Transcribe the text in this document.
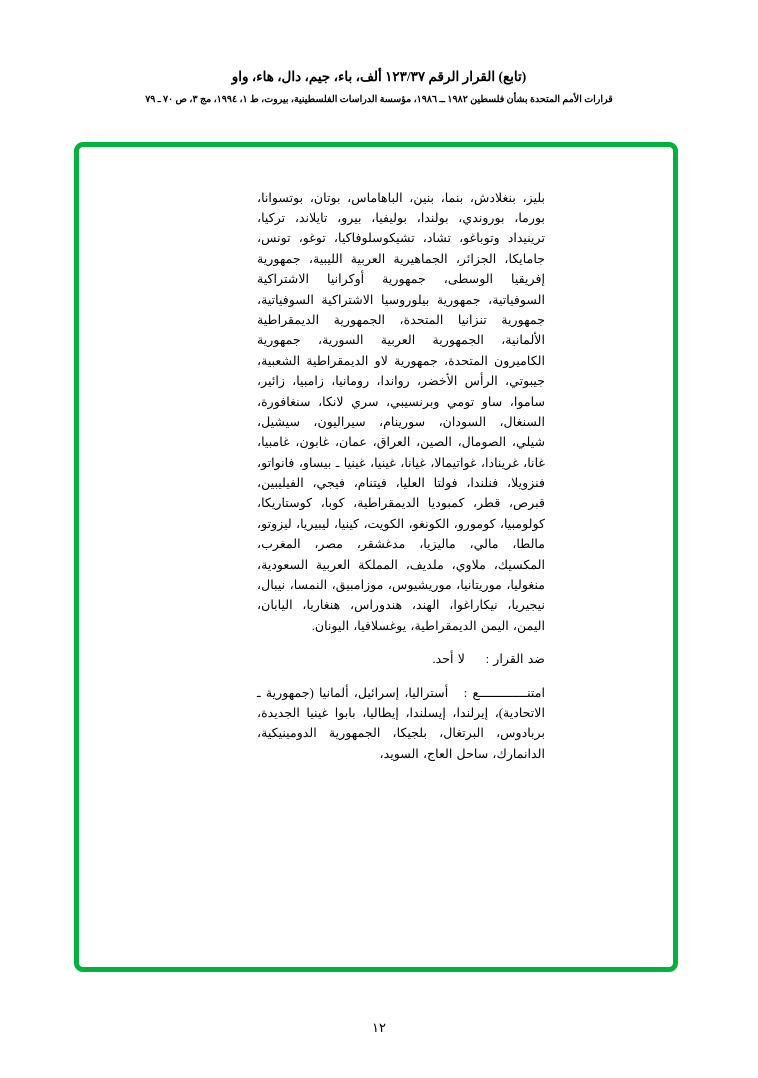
(تابع) القرار الرقم ١٢٣/٣٧ ألف، باء، جيم، دال، هاء، واو
قرارات الأمم المتحدة بشأن فلسطين ١٩٨٢ ــ ١٩٨٦، مؤسسة الدراسات الفلسطينية، بيروت، ط ١، ١٩٩٤، مج ٣، ص ٧٠ ـ ٧٩

بليز، بنغلادش، بنما، بنين، الباهاماس، بوتان، بوتسوانا، بورما، بوروندي، بولندا، بوليفيا، بيرو، تايلاند، تركيا، ترينيداد وتوباغو، تشاد، تشيكوسلوفاكيا، توغو، تونس، جامايكا، الجزائر، الجماهيرية العربية الليبية، جمهورية إفريقيا الوسطى، جمهورية أوكرانيا الاشتراكية السوفياتية، جمهورية بيلوروسيا الاشتراكية السوفياتية، جمهورية تنزانيا المتحدة، الجمهورية الديمقراطية الألمانية، الجمهورية العربية السورية، جمهورية الكاميرون المتحدة، جمهورية لاو الديمقراطية الشعبية، جيبوتي، الرأس الأخضر، رواندا، رومانيا، زامبيا، زائير، ساموا، ساو تومي وبرنسيبي، سري لانكا، سنغافورة، السنغال، السودان، سورينام، سيراليون، سيشيل، شيلي، الصومال، الصين، العراق، عمان، غابون، غامبيا، غانا، غرينادا، غواتيمالا، غيانا، غينيا، غينيا ـ بيساو، فانواتو، فنزويلا، فنلندا، فولتا العليا، فيتنام، فيجي، الفيليبين، قبرص، قطر، كمبوديا الديمقراطية، كوبا، كوستاريكا، كولومبيا، كومورو، الكونغو، الكويت، كينيا، ليبيريا، ليزوتو، مالطا، مالي، ماليزيا، مدغشقر، مصر، المغرب، المكسيك، ملاوي، ملديف، المملكة العربية السعودية، منغوليا، موريتانيا، موريشيوس، موزامبيق، النمسا، نيبال، نيجيريا، نيكاراغوا، الهند، هندوراس، هنغاريا، اليابان، اليمن، اليمن الديمقراطية، يوغسلافيا، اليونان.

ضد القرار :     لا أحد.

امتنـــــــــــــع :   أستراليا، إسرائيل، ألمانيا (جمهورية ـ الاتحادية)، إيرلندا، إيسلندا، إيطاليا، بابوا غينيا الجديدة، بربادوس، البرتغال، بلجيكا، الجمهورية الدومينيكية، الدانمارك، ساحل العاج، السويد،

١٢
